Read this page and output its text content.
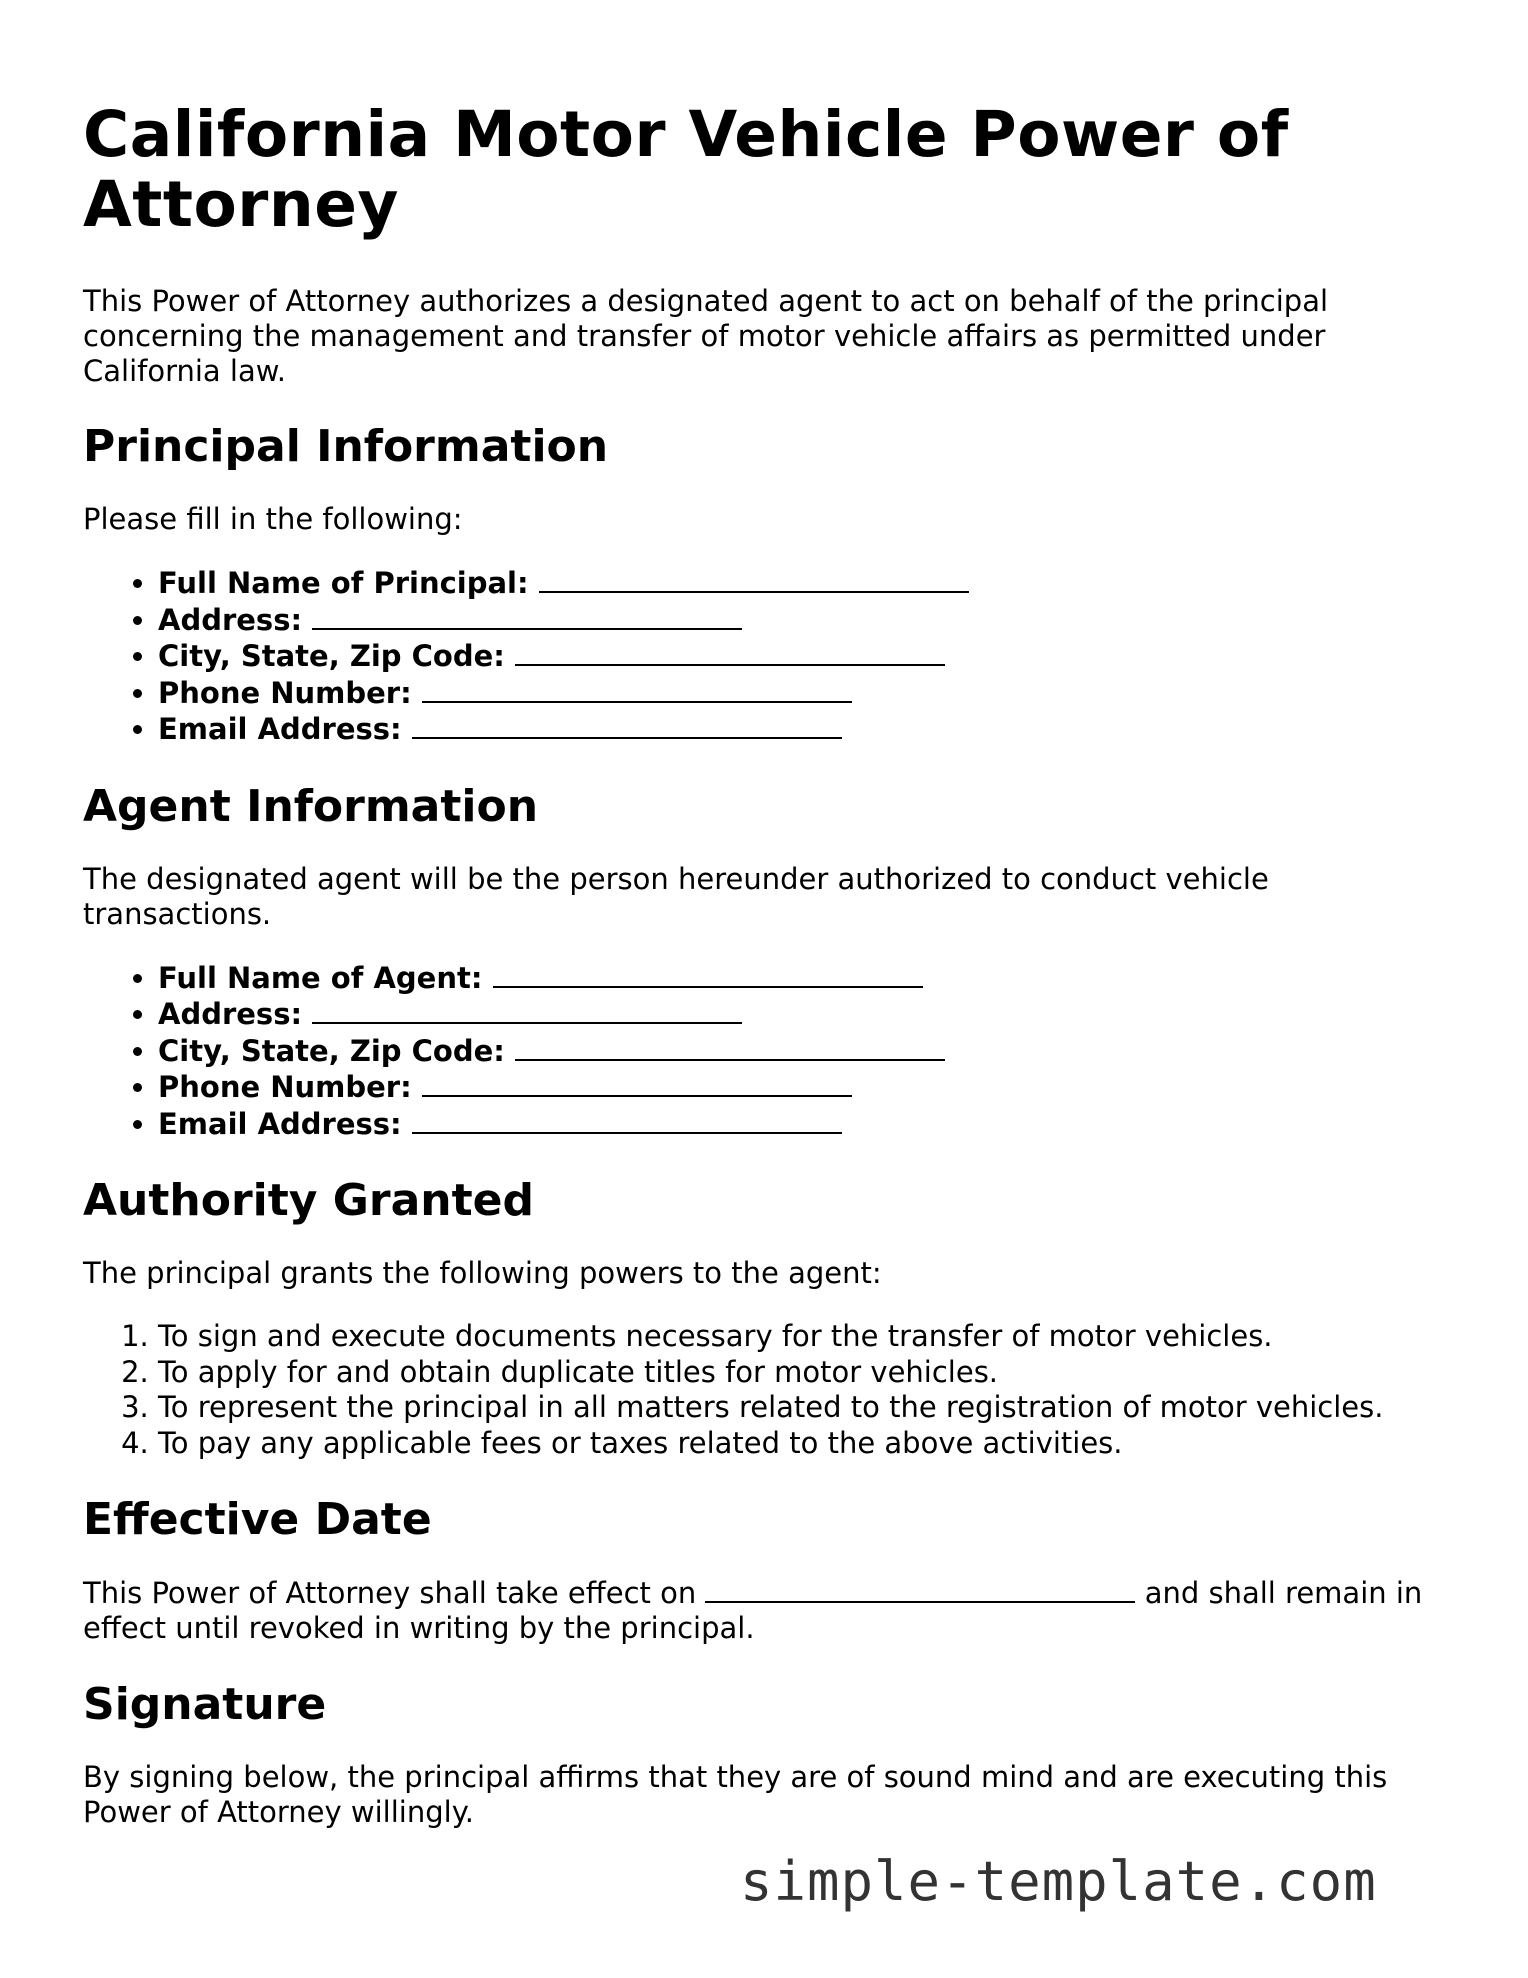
California Motor Vehicle Power of Attorney

This Power of Attorney authorizes a designated agent to act on behalf of the principal concerning the management and transfer of motor vehicle affairs as permitted under California law.

Principal Information

Please fill in the following:

• Full Name of Principal:
• Address:
• City, State, Zip Code:
• Phone Number:
• Email Address:
Agent Information

The designated agent will be the person hereunder authorized to conduct vehicle transactions.

• Full Name of Agent:
• Address:
• City, State, Zip Code:
• Phone Number:
• Email Address:
Authority Granted

The principal grants the following powers to the agent:

1. To sign and execute documents necessary for the transfer of motor vehicles.
2. To apply for and obtain duplicate titles for motor vehicles.
3. To represent the principal in all matters related to the registration of motor vehicles.
4. To pay any applicable fees or taxes related to the above activities.
Effective Date

This Power of Attorney shall take effect on	and shall remain in effect until revoked in writing by the principal.

Signature

By signing below, the principal affirms that they are of sound mind and are executing this Power of Attorney willingly.

simple-template.com
